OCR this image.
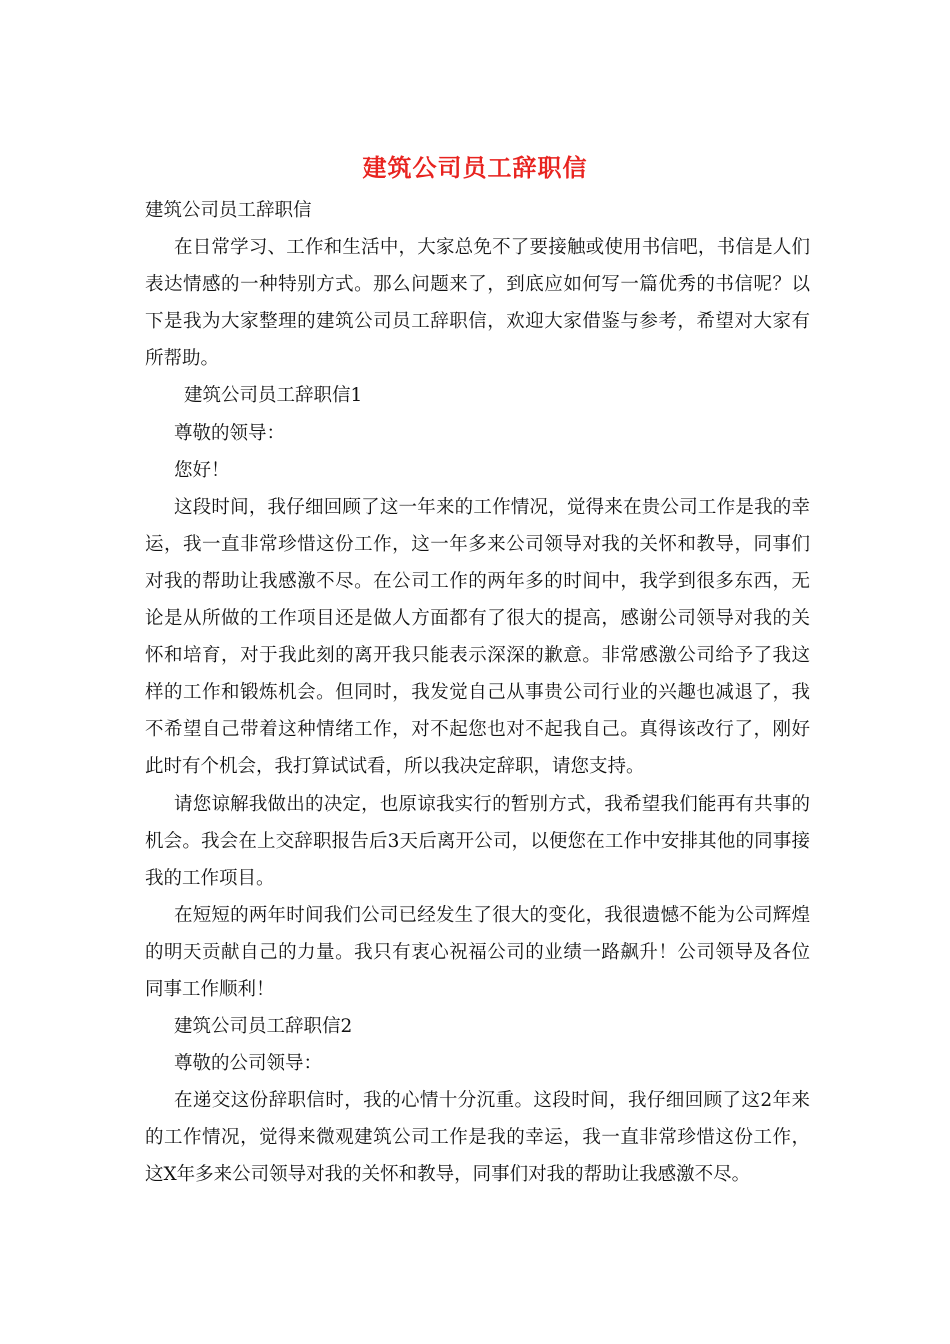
建筑公司员工辞职信

建筑公司员工辞职信

在日常学习、工作和生活中，大家总免不了要接触或使用书信吧，书信是人们表达情感的一种特别方式。那么问题来了，到底应如何写一篇优秀的书信呢？以下是我为大家整理的建筑公司员工辞职信，欢迎大家借鉴与参考，希望对大家有所帮助。

建筑公司员工辞职信1

尊敬的领导：

您好！

这段时间，我仔细回顾了这一年来的工作情况，觉得来在贵公司工作是我的幸运，我一直非常珍惜这份工作，这一年多来公司领导对我的关怀和教导，同事们对我的帮助让我感激不尽。在公司工作的两年多的时间中，我学到很多东西，无论是从所做的工作项目还是做人方面都有了很大的提高，感谢公司领导对我的关怀和培育，对于我此刻的离开我只能表示深深的歉意。非常感激公司给予了我这样的工作和锻炼机会。但同时，我发觉自己从事贵公司行业的兴趣也减退了，我不希望自己带着这种情绪工作，对不起您也对不起我自己。真得该改行了，刚好此时有个机会，我打算试试看，所以我决定辞职，请您支持。

请您谅解我做出的决定，也原谅我实行的暂别方式，我希望我们能再有共事的机会。我会在上交辞职报告后3天后离开公司，以便您在工作中安排其他的同事接我的工作项目。

在短短的两年时间我们公司已经发生了很大的变化，我很遗憾不能为公司辉煌的明天贡献自己的力量。我只有衷心祝福公司的业绩一路飙升！公司领导及各位同事工作顺利！

建筑公司员工辞职信2

尊敬的公司领导：

在递交这份辞职信时，我的心情十分沉重。这段时间，我仔细回顾了这2年来的工作情况，觉得来微观建筑公司工作是我的幸运，我一直非常珍惜这份工作，这X年多来公司领导对我的关怀和教导，同事们对我的帮助让我感激不尽。
